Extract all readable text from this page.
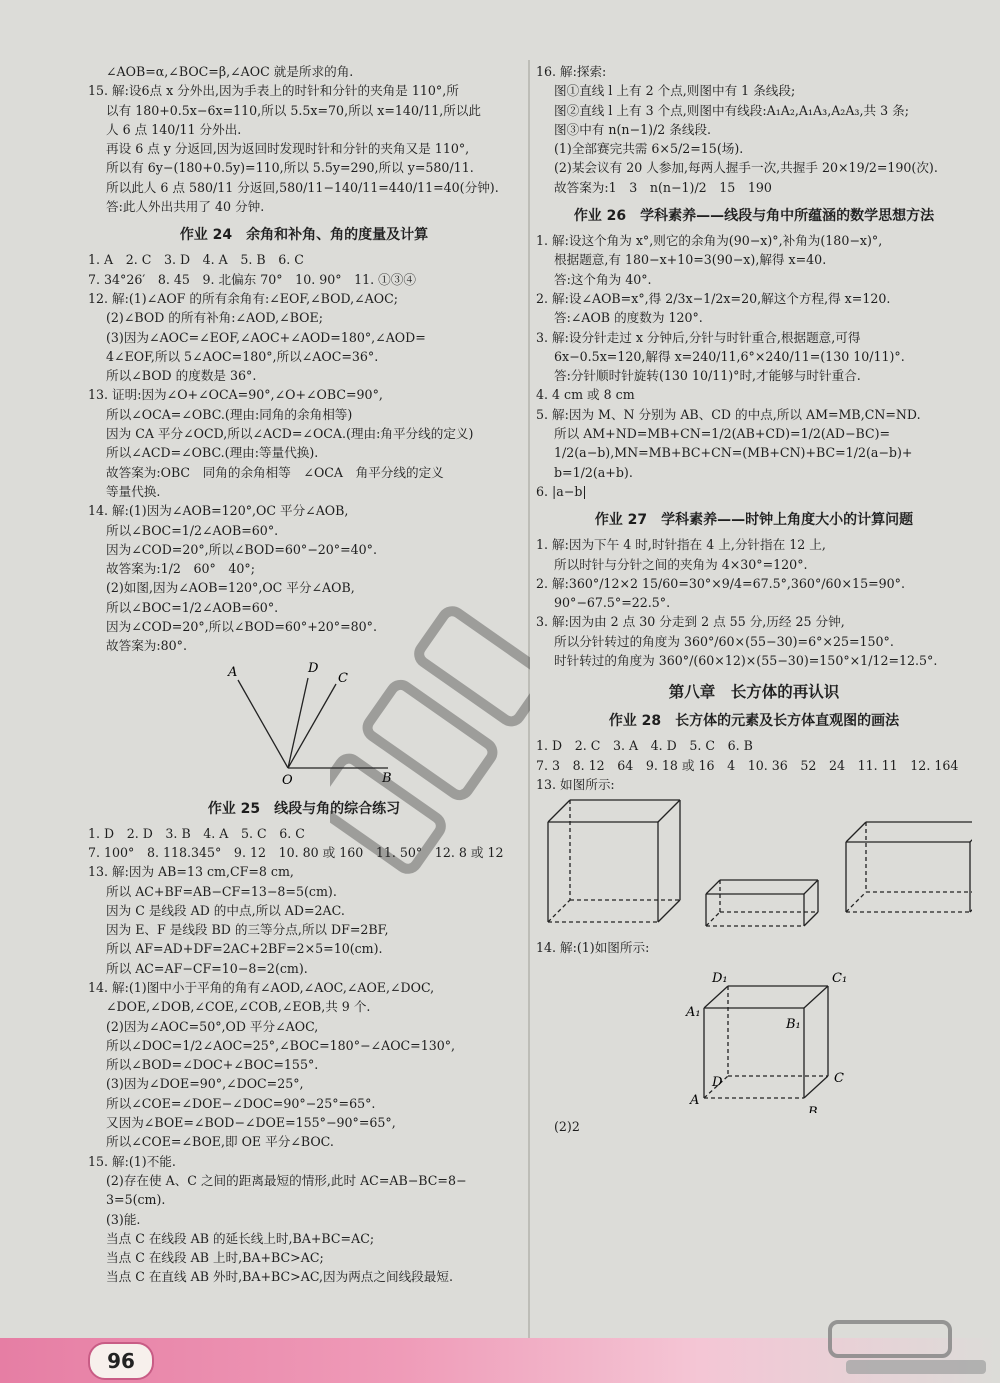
∠AOB=α,∠BOC=β,∠AOC 就是所求的角.
15. 解:设6点 x 分外出,因为手表上的时针和分针的夹角是 110°,所
以有 180+0.5x−6x=110,所以 5.5x=70,所以 x=140/11,所以此
人 6 点 140/11 分外出.
再设 6 点 y 分返回,因为返回时发现时针和分针的夹角又是 110°,
所以有 6y−(180+0.5y)=110,所以 5.5y=290,所以 y=580/11.
所以此人 6 点 580/11 分返回,580/11−140/11=440/11=40(分钟).
答:此人外出共用了 40 分钟.
作业 24　余角和补角、角的度量及计算
1. A　2. C　3. D　4. A　5. B　6. C
7. 34°26′　8. 45　9. 北偏东 70°　10. 90°　11. ①③④
12. 解:(1)∠AOF 的所有余角有:∠EOF,∠BOD,∠AOC;
(2)∠BOD 的所有补角:∠AOD,∠BOE;
(3)因为∠AOC=∠EOF,∠AOC+∠AOD=180°,∠AOD=
4∠EOF,所以 5∠AOC=180°,所以∠AOC=36°.
所以∠BOD 的度数是 36°.
13. 证明:因为∠O+∠OCA=90°,∠O+∠OBC=90°,
所以∠OCA=∠OBC.(理由:同角的余角相等)
因为 CA 平分∠OCD,所以∠ACD=∠OCA.(理由:角平分线的定义)
所以∠ACD=∠OBC.(理由:等量代换).
故答案为:OBC　同角的余角相等　∠OCA　角平分线的定义
等量代换.
14. 解:(1)因为∠AOB=120°,OC 平分∠AOB,
所以∠BOC=1/2∠AOB=60°.
因为∠COD=20°,所以∠BOD=60°−20°=40°.
故答案为:1/2　60°　40°;
(2)如图,因为∠AOB=120°,OC 平分∠AOB,
所以∠BOC=1/2∠AOB=60°.
因为∠COD=20°,所以∠BOD=60°+20°=80°.
故答案为:80°.
A	D
C
B
O
作业 25　线段与角的综合练习
1. D　2. D　3. B　4. A　5. C　6. C
7. 100°　8. 118.345°　9. 12　10. 80 或 160　11. 50°　12. 8 或 12
13. 解:因为 AB=13 cm,CF=8 cm,
所以 AC+BF=AB−CF=13−8=5(cm).
因为 C 是线段 AD 的中点,所以 AD=2AC.
因为 E、F 是线段 BD 的三等分点,所以 DF=2BF,
所以 AF=AD+DF=2AC+2BF=2×5=10(cm).
所以 AC=AF−CF=10−8=2(cm).
14. 解:(1)图中小于平角的角有∠AOD,∠AOC,∠AOE,∠DOC,
∠DOE,∠DOB,∠COE,∠COB,∠EOB,共 9 个.
(2)因为∠AOC=50°,OD 平分∠AOC,
所以∠DOC=1/2∠AOC=25°,∠BOC=180°−∠AOC=130°,
所以∠BOD=∠DOC+∠BOC=155°.
(3)因为∠DOE=90°,∠DOC=25°,
所以∠COE=∠DOE−∠DOC=90°−25°=65°.
又因为∠BOE=∠BOD−∠DOE=155°−90°=65°,
所以∠COE=∠BOE,即 OE 平分∠BOC.
15. 解:(1)不能.
(2)存在使 A、C 之间的距离最短的情形,此时 AC=AB−BC=8−
3=5(cm).
(3)能.
当点 C 在线段 AB 的延长线上时,BA+BC=AC;
当点 C 在线段 AB 上时,BA+BC>AC;
当点 C 在直线 AB 外时,BA+BC>AC,因为两点之间线段最短.
16. 解:探索:
图①直线 l 上有 2 个点,则图中有 1 条线段;
图②直线 l 上有 3 个点,则图中有线段:A₁A₂,A₁A₃,A₂A₃,共 3 条;
图③中有 n(n−1)/2 条线段.
(1)全部赛完共需 6×5/2=15(场).
(2)某会议有 20 人参加,每两人握手一次,共握手 20×19/2=190(次).
故答案为:1　3　n(n−1)/2　15　190
作业 26　学科素养——线段与角中所蕴涵的数学思想方法
1. 解:设这个角为 x°,则它的余角为(90−x)°,补角为(180−x)°,
根据题意,有 180−x+10=3(90−x),解得 x=40.
答:这个角为 40°.
2. 解:设∠AOB=x°,得 2/3x−1/2x=20,解这个方程,得 x=120.
答:∠AOB 的度数为 120°.
3. 解:设分针走过 x 分钟后,分针与时针重合,根据题意,可得
6x−0.5x=120,解得 x=240/11,6°×240/11=(130 10/11)°.
答:分针顺时针旋转(130 10/11)°时,才能够与时针重合.
4. 4 cm 或 8 cm
5. 解:因为 M、N 分别为 AB、CD 的中点,所以 AM=MB,CN=ND.
所以 AM+ND=MB+CN=1/2(AB+CD)=1/2(AD−BC)=
1/2(a−b),MN=MB+BC+CN=(MB+CN)+BC=1/2(a−b)+
b=1/2(a+b).
6. |a−b|
作业 27　学科素养——时钟上角度大小的计算问题
1. 解:因为下午 4 时,时针指在 4 上,分针指在 12 上,
所以时针与分针之间的夹角为 4×30°=120°.
2. 解:360°/12×2 15/60=30°×9/4=67.5°,360°/60×15=90°.
90°−67.5°=22.5°.
3. 解:因为由 2 点 30 分走到 2 点 55 分,历经 25 分钟,
所以分针转过的角度为 360°/60×(55−30)=6°×25=150°.
时针转过的角度为 360°/(60×12)×(55−30)=150°×1/12=12.5°.
第八章　长方体的再认识
作业 28　长方体的元素及长方体直观图的画法
1. D　2. C　3. A　4. D　5. C　6. B
7. 3　8. 12　64　9. 18 或 16　4　10. 36　52　24　11. 11　12. 164
13. 如图所示:
14. 解:(1)如图所示:
A
B
C
D
A₁
B₁
C₁
D₁
(2)2
96
